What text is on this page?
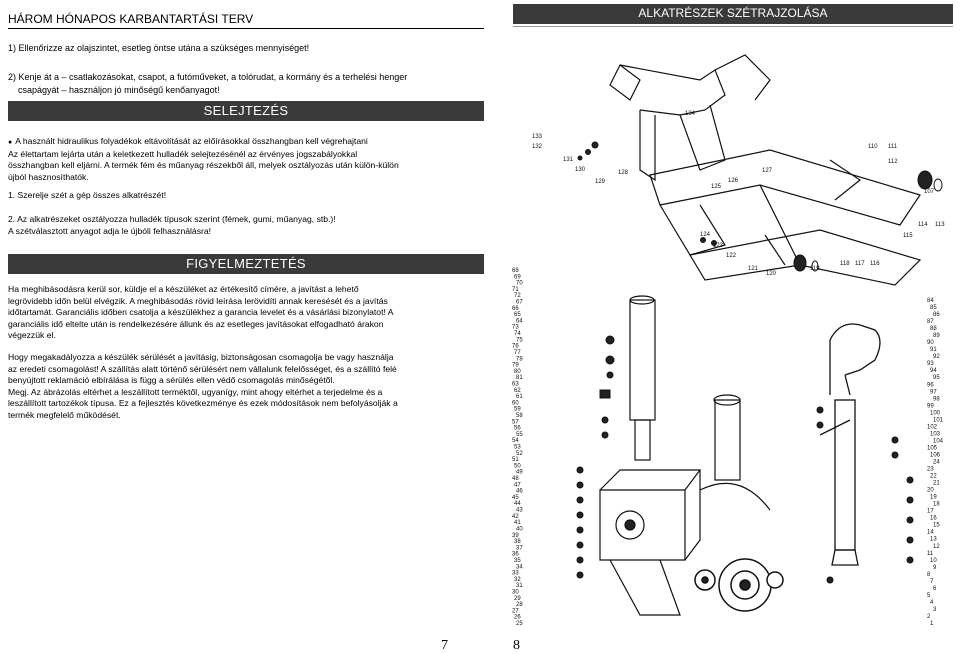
HÁROM HÓNAPOS KARBANTARTÁSI TERV
1) Ellenőrizze az olajszintet, esetleg öntse utána a szükséges mennyiséget!
2) Kenje át a – csatlakozásokat, csapot, a futóműveket, a tolórudat, a kormány és a terhelési henger
csapágyát – használjon jó minőségű kenőanyagot!
SELEJTEZÉS
● A használt hidraulikus folyadékok eltávolítását az előírásokkal összhangban kell végrehajtani
Az élettartam lejárta után a keletkezett hulladék selejtezésénél az érvényes jogszabályokkal
összhangban kell eljárni. A termék fém és műanyag részekből áll, melyek osztályozás után külön-külön
újból hasznosíthatók.
1. Szerelje szét a gép összes alkatrészét!
2. Az alkatrészeket osztályozza hulladék típusok szerint (fémek, gumi, műanyag, stb.)!
A szétválasztott anyagot adja le újbóli felhasználásra!
FIGYELMEZTETÉS
Ha meghibásodásra kerül sor, küldje el a készüléket az értékesítő címére, a javítást a lehető
legrövidebb időn belül elvégzik. A meghibásodás rövid leírása lerövidíti annak keresését és a javítás
időtartamát. Garanciális időben csatolja a készülékhez a garancia levelet és a vásárlási bizonylatot! A
garanciális idő eltelte után is rendelkezésére állunk és az esetleges javításokat elfogadható árakon
végezzük el.
Hogy megakadályozza a készülék sérülését a javításig, biztonságosan csomagolja be vagy használja
az eredeti csomagolást! A szállítás alatt történő sérülésért nem vállalunk felelősséget, és a szállító felé
benyújtott reklamáció elbírálása is függ a sérülés ellen védő csomagolás minőségétől.
Megj. Az ábrázolás eltérhet a leszállított terméktől, ugyanígy, mint ahogy eltérhet a terjedelme és a
leszállított tartozékok típusa. Ez a fejlesztés következménye és ezek módosítások nem befolyásolják a
termék megfelelő működését.
7
ALKATRÉSZEK SZÉTRAJZOLÁSA
134
133
132
131
130
129
128
125
126
127
110 111
112
107
124
123
122
121
120
119
118 117 116
115
114 113
68
69
70
71
72
67
66
65
64
73
74
75
76
77
78
79
80
81
63
62
61
60
59
58
57
56
55
54
53
52
51
50
49
48
47
46
45
44
43
42
41
40
39
38
37
36
35
34
33
32
31
30
29
28
27
26
25
84
85
86
87
88
89
90
91
92
93
94
95
96
97
98
99
100
101
102
103
104
105
106
24
23
22
21
20
19
18
17
16
15
14
13
12
11
10
9
8
7
6
5
4
3
2
1
8
